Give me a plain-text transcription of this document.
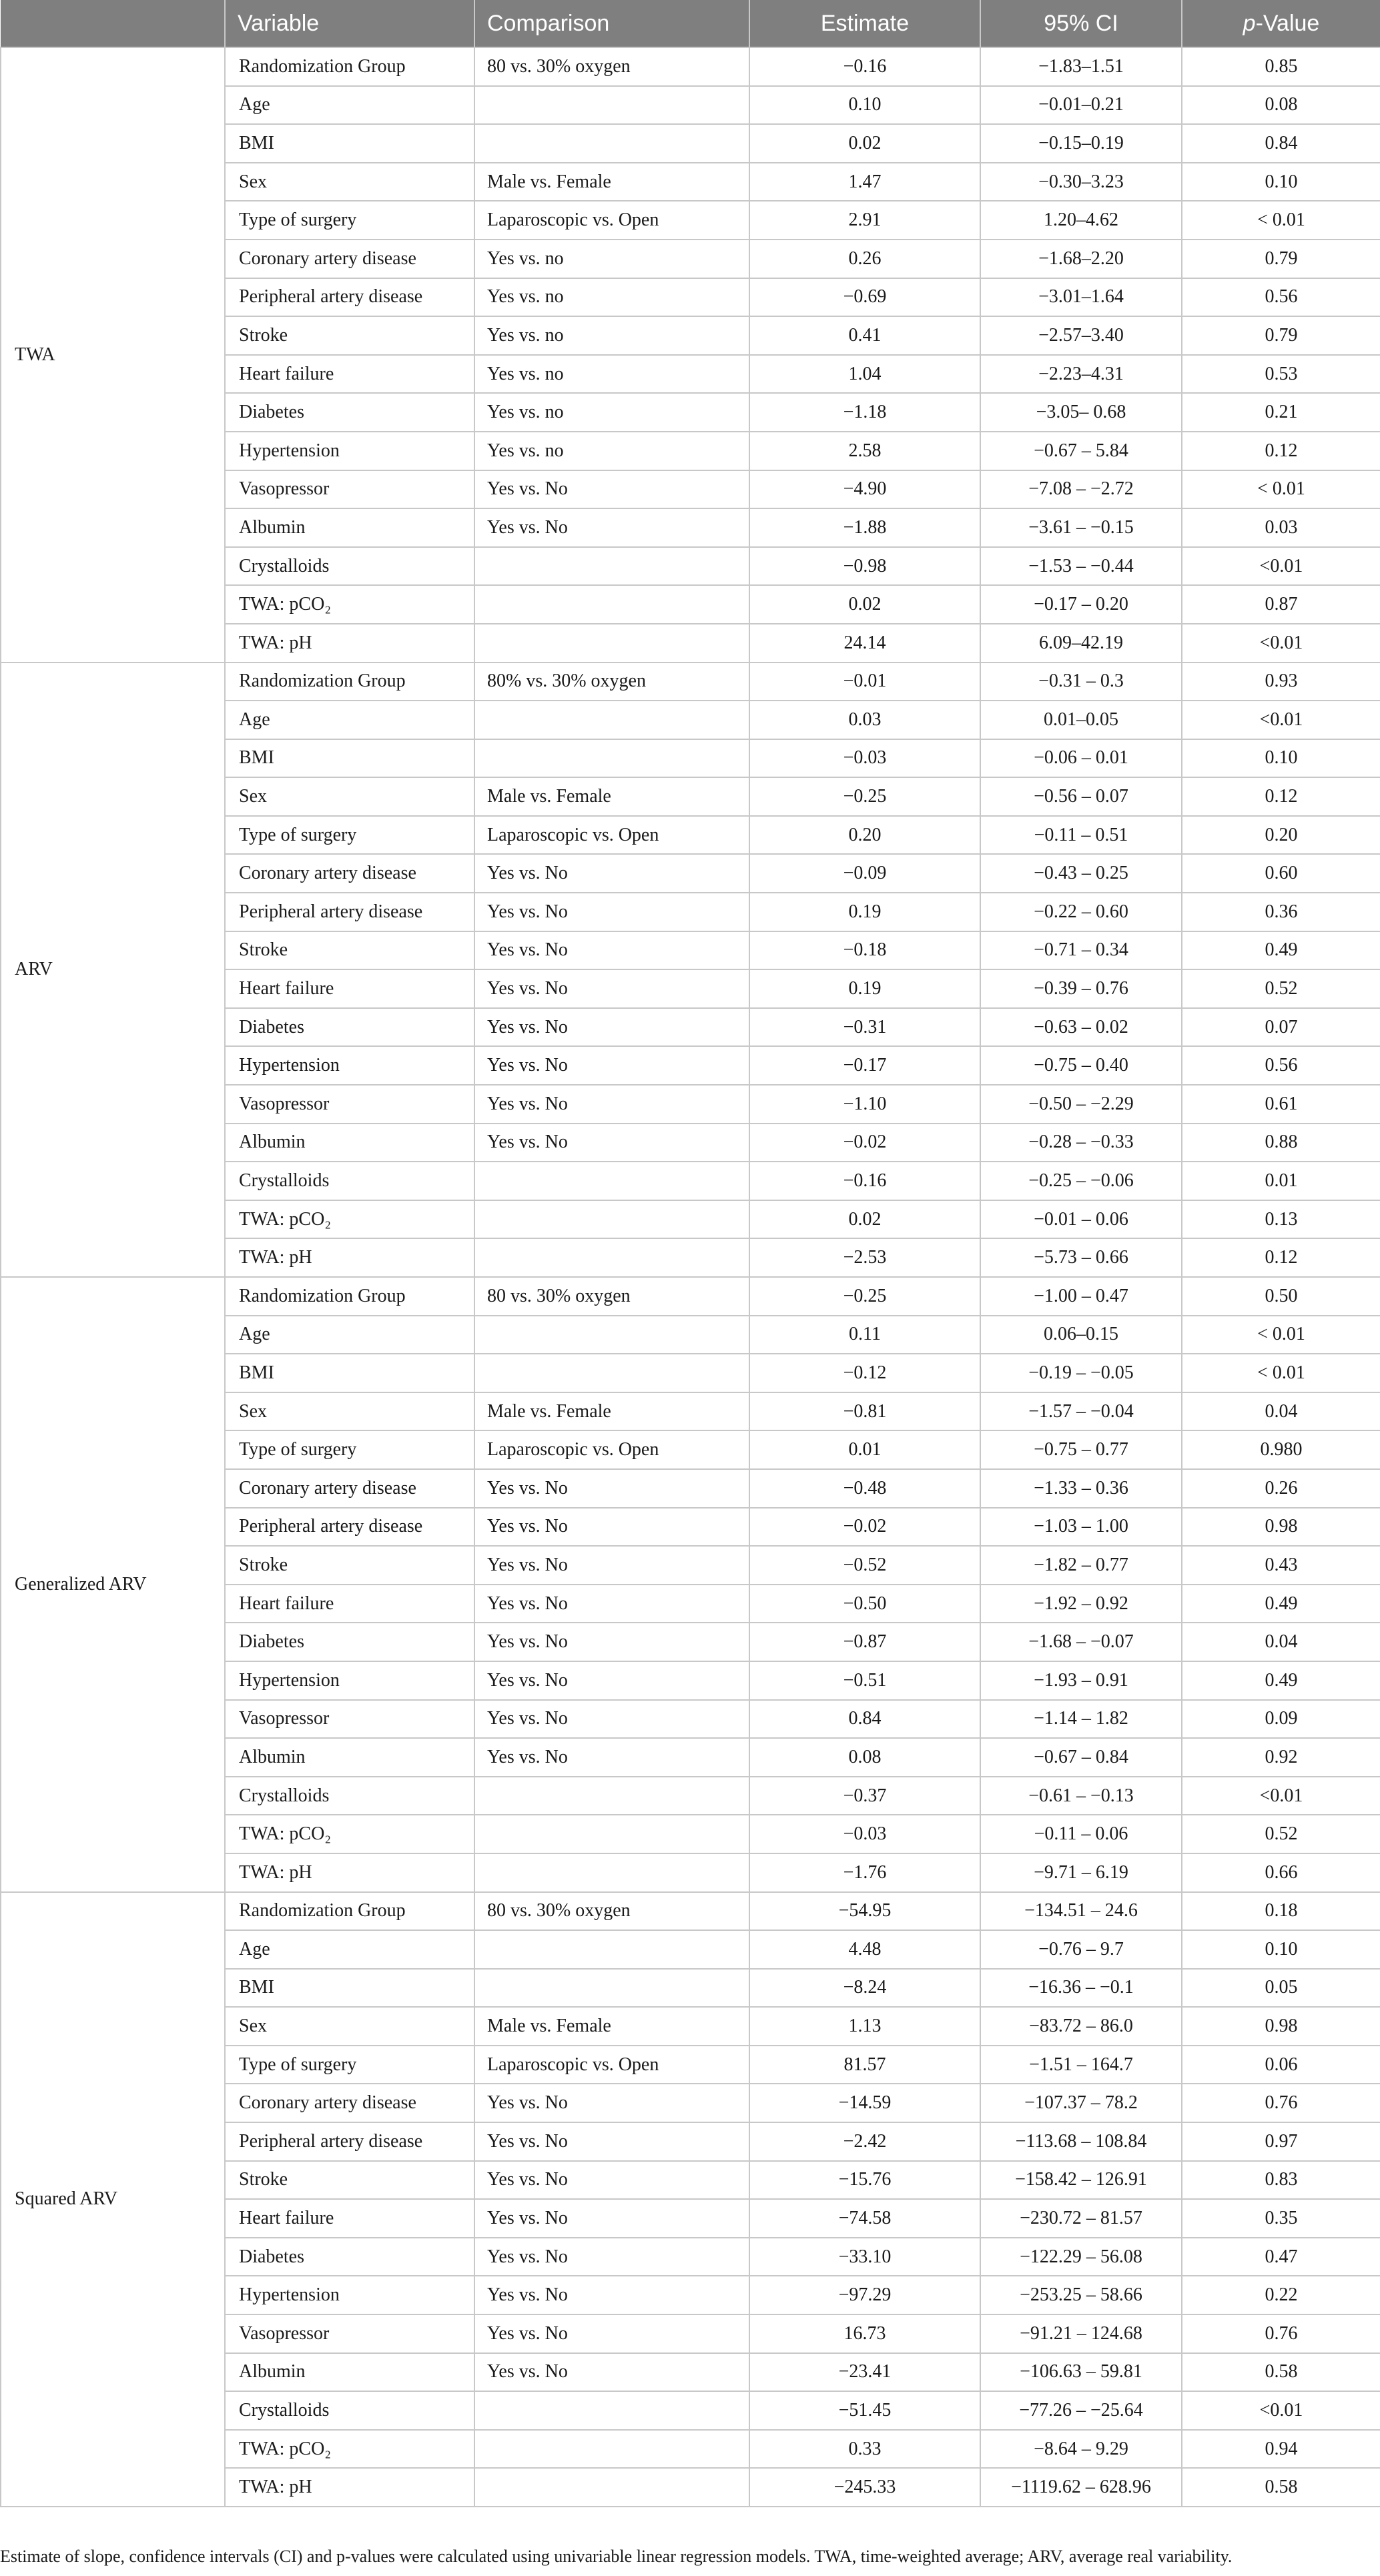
	Variable	Comparison	Estimate	95% CI	p-Value
TWA	Randomization Group	80 vs. 30% oxygen	−0.16	−1.83–1.51	0.85
	Age		0.10	−0.01–0.21	0.08
	BMI		0.02	−0.15–0.19	0.84
	Sex	Male vs. Female	1.47	−0.30–3.23	0.10
	Type of surgery	Laparoscopic vs. Open	2.91	1.20–4.62	< 0.01
	Coronary artery disease	Yes vs. no	0.26	−1.68–2.20	0.79
	Peripheral artery disease	Yes vs. no	−0.69	−3.01–1.64	0.56
	Stroke	Yes vs. no	0.41	−2.57–3.40	0.79
	Heart failure	Yes vs. no	1.04	−2.23–4.31	0.53
	Diabetes	Yes vs. no	−1.18	−3.05– 0.68	0.21
	Hypertension	Yes vs. no	2.58	−0.67 – 5.84	0.12
	Vasopressor	Yes vs. No	−4.90	−7.08 – −2.72	< 0.01
	Albumin	Yes vs. No	−1.88	−3.61 – −0.15	0.03
	Crystalloids		−0.98	−1.53 – −0.44	<0.01
	TWA: pCO₂		0.02	−0.17 – 0.20	0.87
	TWA: pH		24.14	6.09–42.19	<0.01
ARV	Randomization Group	80% vs. 30% oxygen	−0.01	−0.31 – 0.3	0.93
	Age		0.03	0.01–0.05	<0.01
	BMI		−0.03	−0.06 – 0.01	0.10
	Sex	Male vs. Female	−0.25	−0.56 – 0.07	0.12
	Type of surgery	Laparoscopic vs. Open	0.20	−0.11 – 0.51	0.20
	Coronary artery disease	Yes vs. No	−0.09	−0.43 – 0.25	0.60
	Peripheral artery disease	Yes vs. No	0.19	−0.22 – 0.60	0.36
	Stroke	Yes vs. No	−0.18	−0.71 – 0.34	0.49
	Heart failure	Yes vs. No	0.19	−0.39 – 0.76	0.52
	Diabetes	Yes vs. No	−0.31	−0.63 – 0.02	0.07
	Hypertension	Yes vs. No	−0.17	−0.75 – 0.40	0.56
	Vasopressor	Yes vs. No	−1.10	−0.50 – −2.29	0.61
	Albumin	Yes vs. No	−0.02	−0.28 – −0.33	0.88
	Crystalloids		−0.16	−0.25 – −0.06	0.01
	TWA: pCO₂		0.02	−0.01 – 0.06	0.13
	TWA: pH		−2.53	−5.73 – 0.66	0.12
Generalized ARV	Randomization Group	80 vs. 30% oxygen	−0.25	−1.00 – 0.47	0.50
	Age		0.11	0.06–0.15	< 0.01
	BMI		−0.12	−0.19 – −0.05	< 0.01
	Sex	Male vs. Female	−0.81	−1.57 – −0.04	0.04
	Type of surgery	Laparoscopic vs. Open	0.01	−0.75 – 0.77	0.980
	Coronary artery disease	Yes vs. No	−0.48	−1.33 – 0.36	0.26
	Peripheral artery disease	Yes vs. No	−0.02	−1.03 – 1.00	0.98
	Stroke	Yes vs. No	−0.52	−1.82 – 0.77	0.43
	Heart failure	Yes vs. No	−0.50	−1.92 – 0.92	0.49
	Diabetes	Yes vs. No	−0.87	−1.68 – −0.07	0.04
	Hypertension	Yes vs. No	−0.51	−1.93 – 0.91	0.49
	Vasopressor	Yes vs. No	0.84	−1.14 – 1.82	0.09
	Albumin	Yes vs. No	0.08	−0.67 – 0.84	0.92
	Crystalloids		−0.37	−0.61 – −0.13	<0.01
	TWA: pCO₂		−0.03	−0.11 – 0.06	0.52
	TWA: pH		−1.76	−9.71 – 6.19	0.66
Squared ARV	Randomization Group	80 vs. 30% oxygen	−54.95	−134.51 – 24.6	0.18
	Age		4.48	−0.76 – 9.7	0.10
	BMI		−8.24	−16.36 – −0.1	0.05
	Sex	Male vs. Female	1.13	−83.72 – 86.0	0.98
	Type of surgery	Laparoscopic vs. Open	81.57	−1.51 – 164.7	0.06
	Coronary artery disease	Yes vs. No	−14.59	−107.37 – 78.2	0.76
	Peripheral artery disease	Yes vs. No	−2.42	−113.68 – 108.84	0.97
	Stroke	Yes vs. No	−15.76	−158.42 – 126.91	0.83
	Heart failure	Yes vs. No	−74.58	−230.72 – 81.57	0.35
	Diabetes	Yes vs. No	−33.10	−122.29 – 56.08	0.47
	Hypertension	Yes vs. No	−97.29	−253.25 – 58.66	0.22
	Vasopressor	Yes vs. No	16.73	−91.21 – 124.68	0.76
	Albumin	Yes vs. No	−23.41	−106.63 – 59.81	0.58
	Crystalloids		−51.45	−77.26 – −25.64	<0.01
	TWA: pCO₂		0.33	−8.64 – 9.29	0.94
	TWA: pH		−245.33	−1119.62 – 628.96	0.58
Estimate of slope, confidence intervals (CI) and p-values were calculated using univariable linear regression models. TWA, time-weighted average; ARV, average real variability.
